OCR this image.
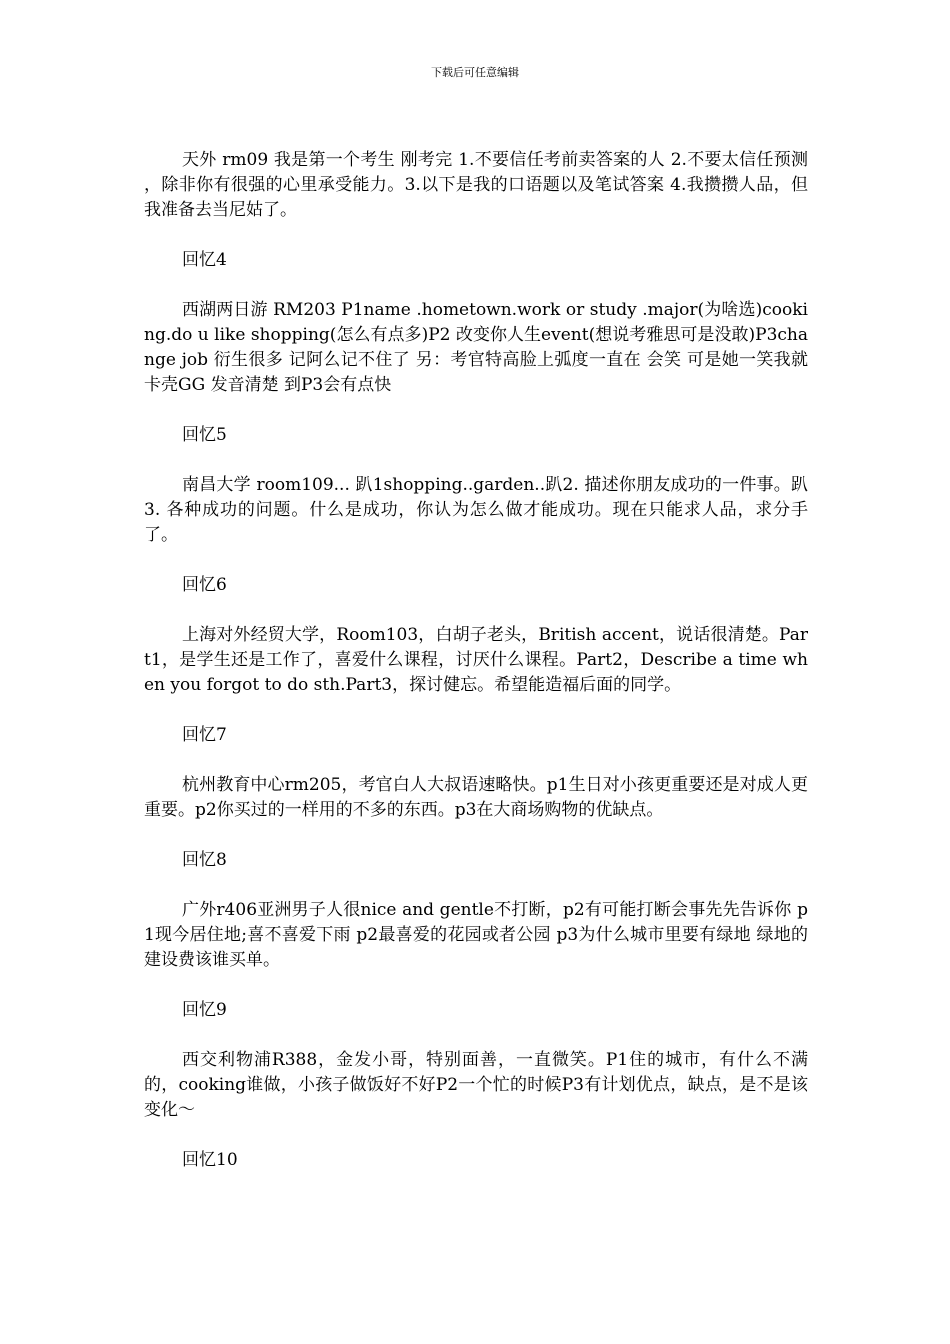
下载后可任意编辑

天外 rm09 我是第一个考生 刚考完 1.不要信任考前卖答案的人 2.不要太信任预测 ，除非你有很强的心里承受能力。3.以下是我的口语题以及笔试答案 4.我攒攒人品，但我准备去当尼姑了。

回忆4

西湖两日游 RM203 P1name .hometown.work or study .major(为啥选)cooking.do u like shopping(怎么有点多)P2 改变你人生event(想说考雅思可是没敢)P3change job 衍生很多 记阿么记不住了 另：考官特高脸上弧度一直在 会笑 可是她一笑我就卡壳GG 发音清楚 到P3会有点快

回忆5

南昌大学 room109... 趴1shopping..garden..趴2. 描述你朋友成功的一件事。趴3. 各种成功的问题。什么是成功，你认为怎么做才能成功。现在只能求人品，求分手了。

回忆6

上海对外经贸大学，Room103，白胡子老头，British accent，说话很清楚。Part1，是学生还是工作了，喜爱什么课程，讨厌什么课程。Part2，Describe a time when you forgot to do sth.Part3，探讨健忘。希望能造福后面的同学。

回忆7

杭州教育中心rm205，考官白人大叔语速略快。p1生日对小孩更重要还是对成人更重要。p2你买过的一样用的不多的东西。p3在大商场购物的优缺点。

回忆8

广外r406亚洲男子人很nice and gentle不打断，p2有可能打断会事先先告诉你 p1现今居住地;喜不喜爱下雨 p2最喜爱的花园或者公园 p3为什么城市里要有绿地 绿地的建设费该谁买单。

回忆9

西交利物浦R388，金发小哥，特别面善，一直微笑。P1住的城市，有什么不满的，cooking谁做，小孩子做饭好不好P2一个忙的时候P3有计划优点，缺点，是不是该变化～

回忆10
